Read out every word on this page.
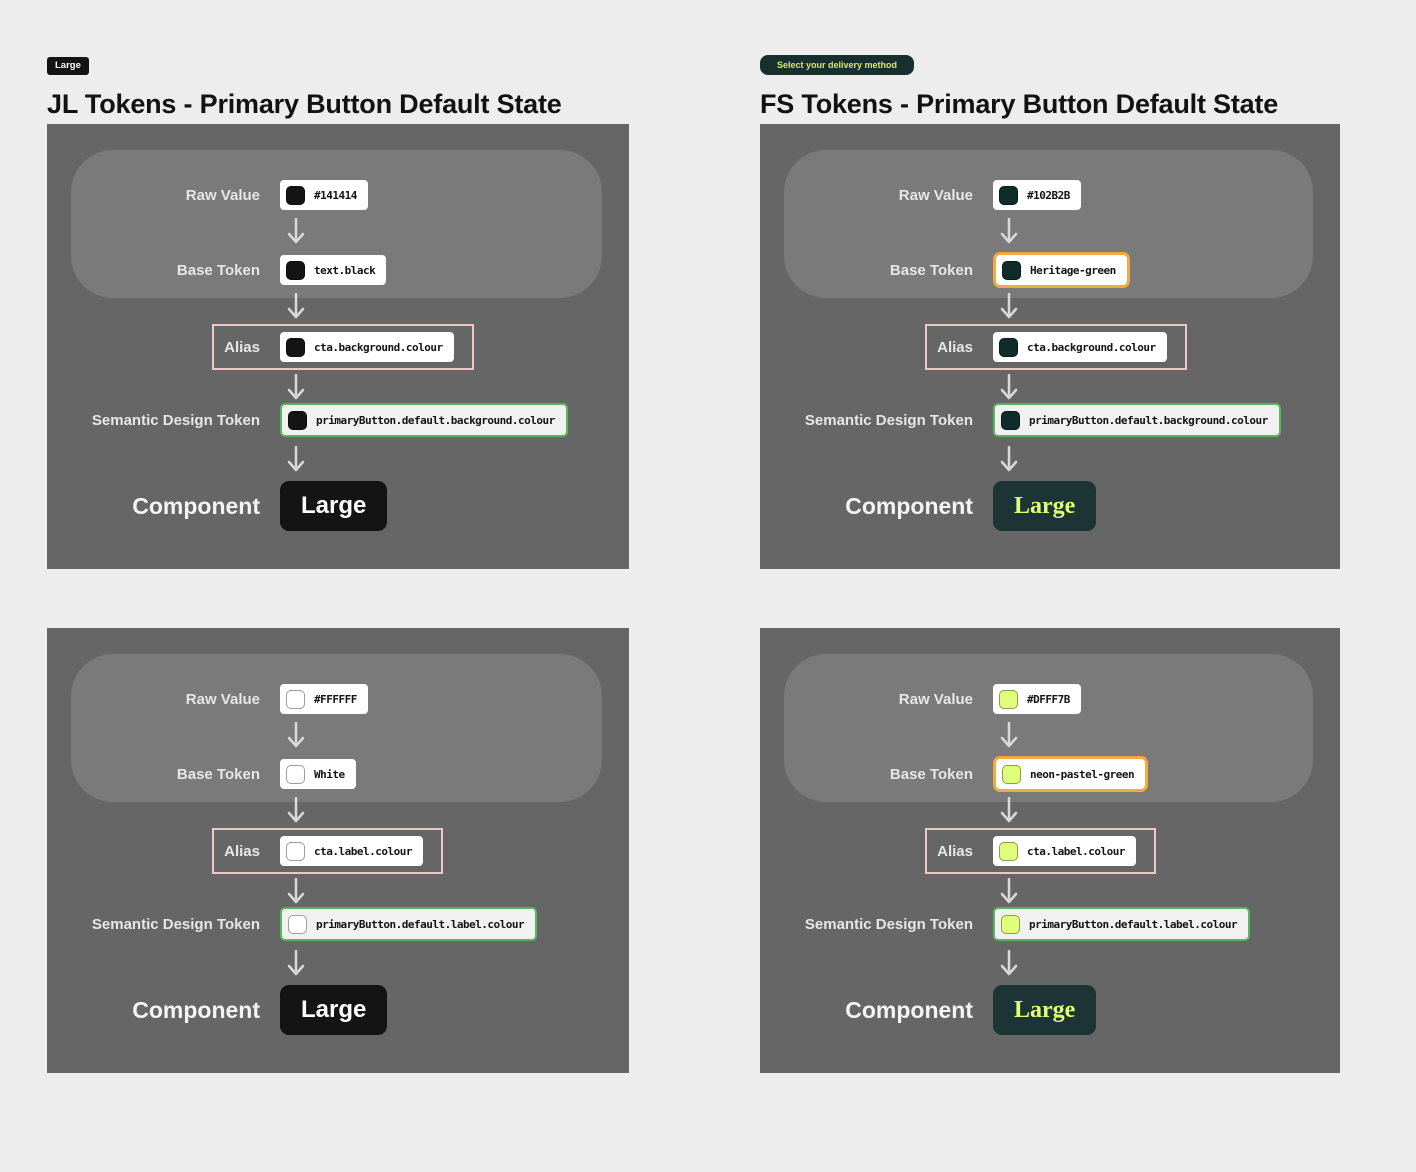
Large
JL Tokens - Primary Button Default State
Raw Value	#141414
Base Token	text.black
Alias	cta.background.colour
Semantic Design Token	primaryButton.default.background.colour
Component	Large
Raw Value	#FFFFFF
Base Token	White
Alias	cta.label.colour
Semantic Design Token	primaryButton.default.label.colour
Component	Large
Select your delivery method
FS Tokens - Primary Button Default State
Raw Value	#102B2B
Base Token	Heritage-green
Alias	cta.background.colour
Semantic Design Token	primaryButton.default.background.colour
Component	Large
Raw Value	#DFFF7B
Base Token	neon-pastel-green
Alias	cta.label.colour
Semantic Design Token	primaryButton.default.label.colour
Component	Large
